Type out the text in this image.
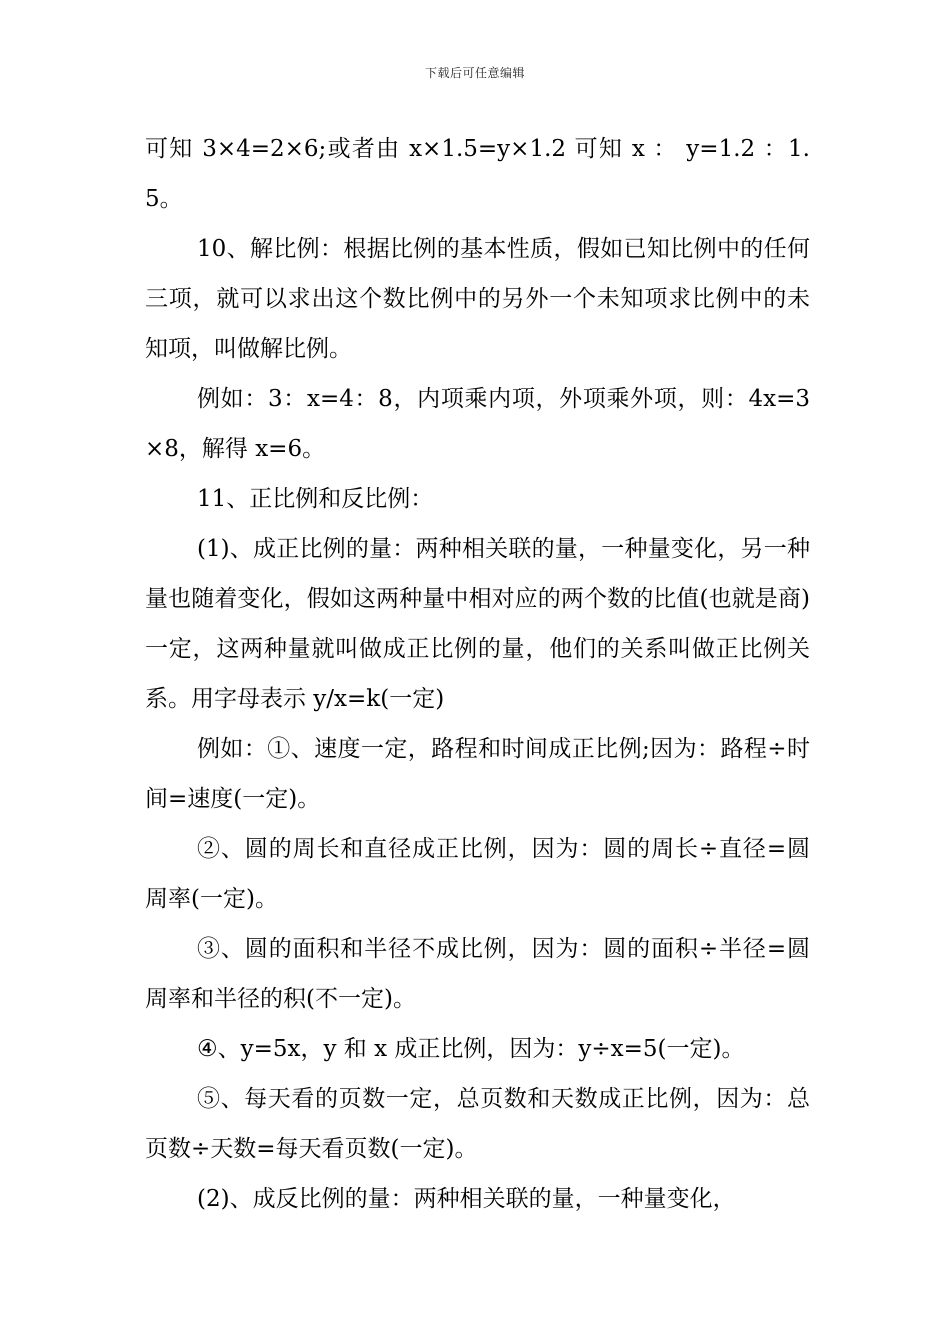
下载后可任意编辑

可知 3×4=2×6;或者由 x×1.5=y×1.2 可知 x ： y=1.2 ：1.5。

10、解比例：根据比例的基本性质，假如已知比例中的任何三项，就可以求出这个数比例中的另外一个未知项求比例中的未知项，叫做解比例。

例如：3：x=4：8，内项乘内项，外项乘外项，则：4x=3×8，解得 x=6。

11、正比例和反比例：

(1)、成正比例的量：两种相关联的量，一种量变化，另一种量也随着变化，假如这两种量中相对应的两个数的比值(也就是商)一定，这两种量就叫做成正比例的量，他们的关系叫做正比例关系。用字母表示 y/x=k(一定)

例如：①、速度一定，路程和时间成正比例;因为：路程÷时间=速度(一定)。

②、圆的周长和直径成正比例，因为：圆的周长÷直径=圆周率(一定)。

③、圆的面积和半径不成比例，因为：圆的面积÷半径=圆周率和半径的积(不一定)。

④、y=5x，y 和 x 成正比例，因为：y÷x=5(一定)。

⑤、每天看的页数一定，总页数和天数成正比例，因为：总页数÷天数=每天看页数(一定)。

(2)、成反比例的量：两种相关联的量，一种量变化，
